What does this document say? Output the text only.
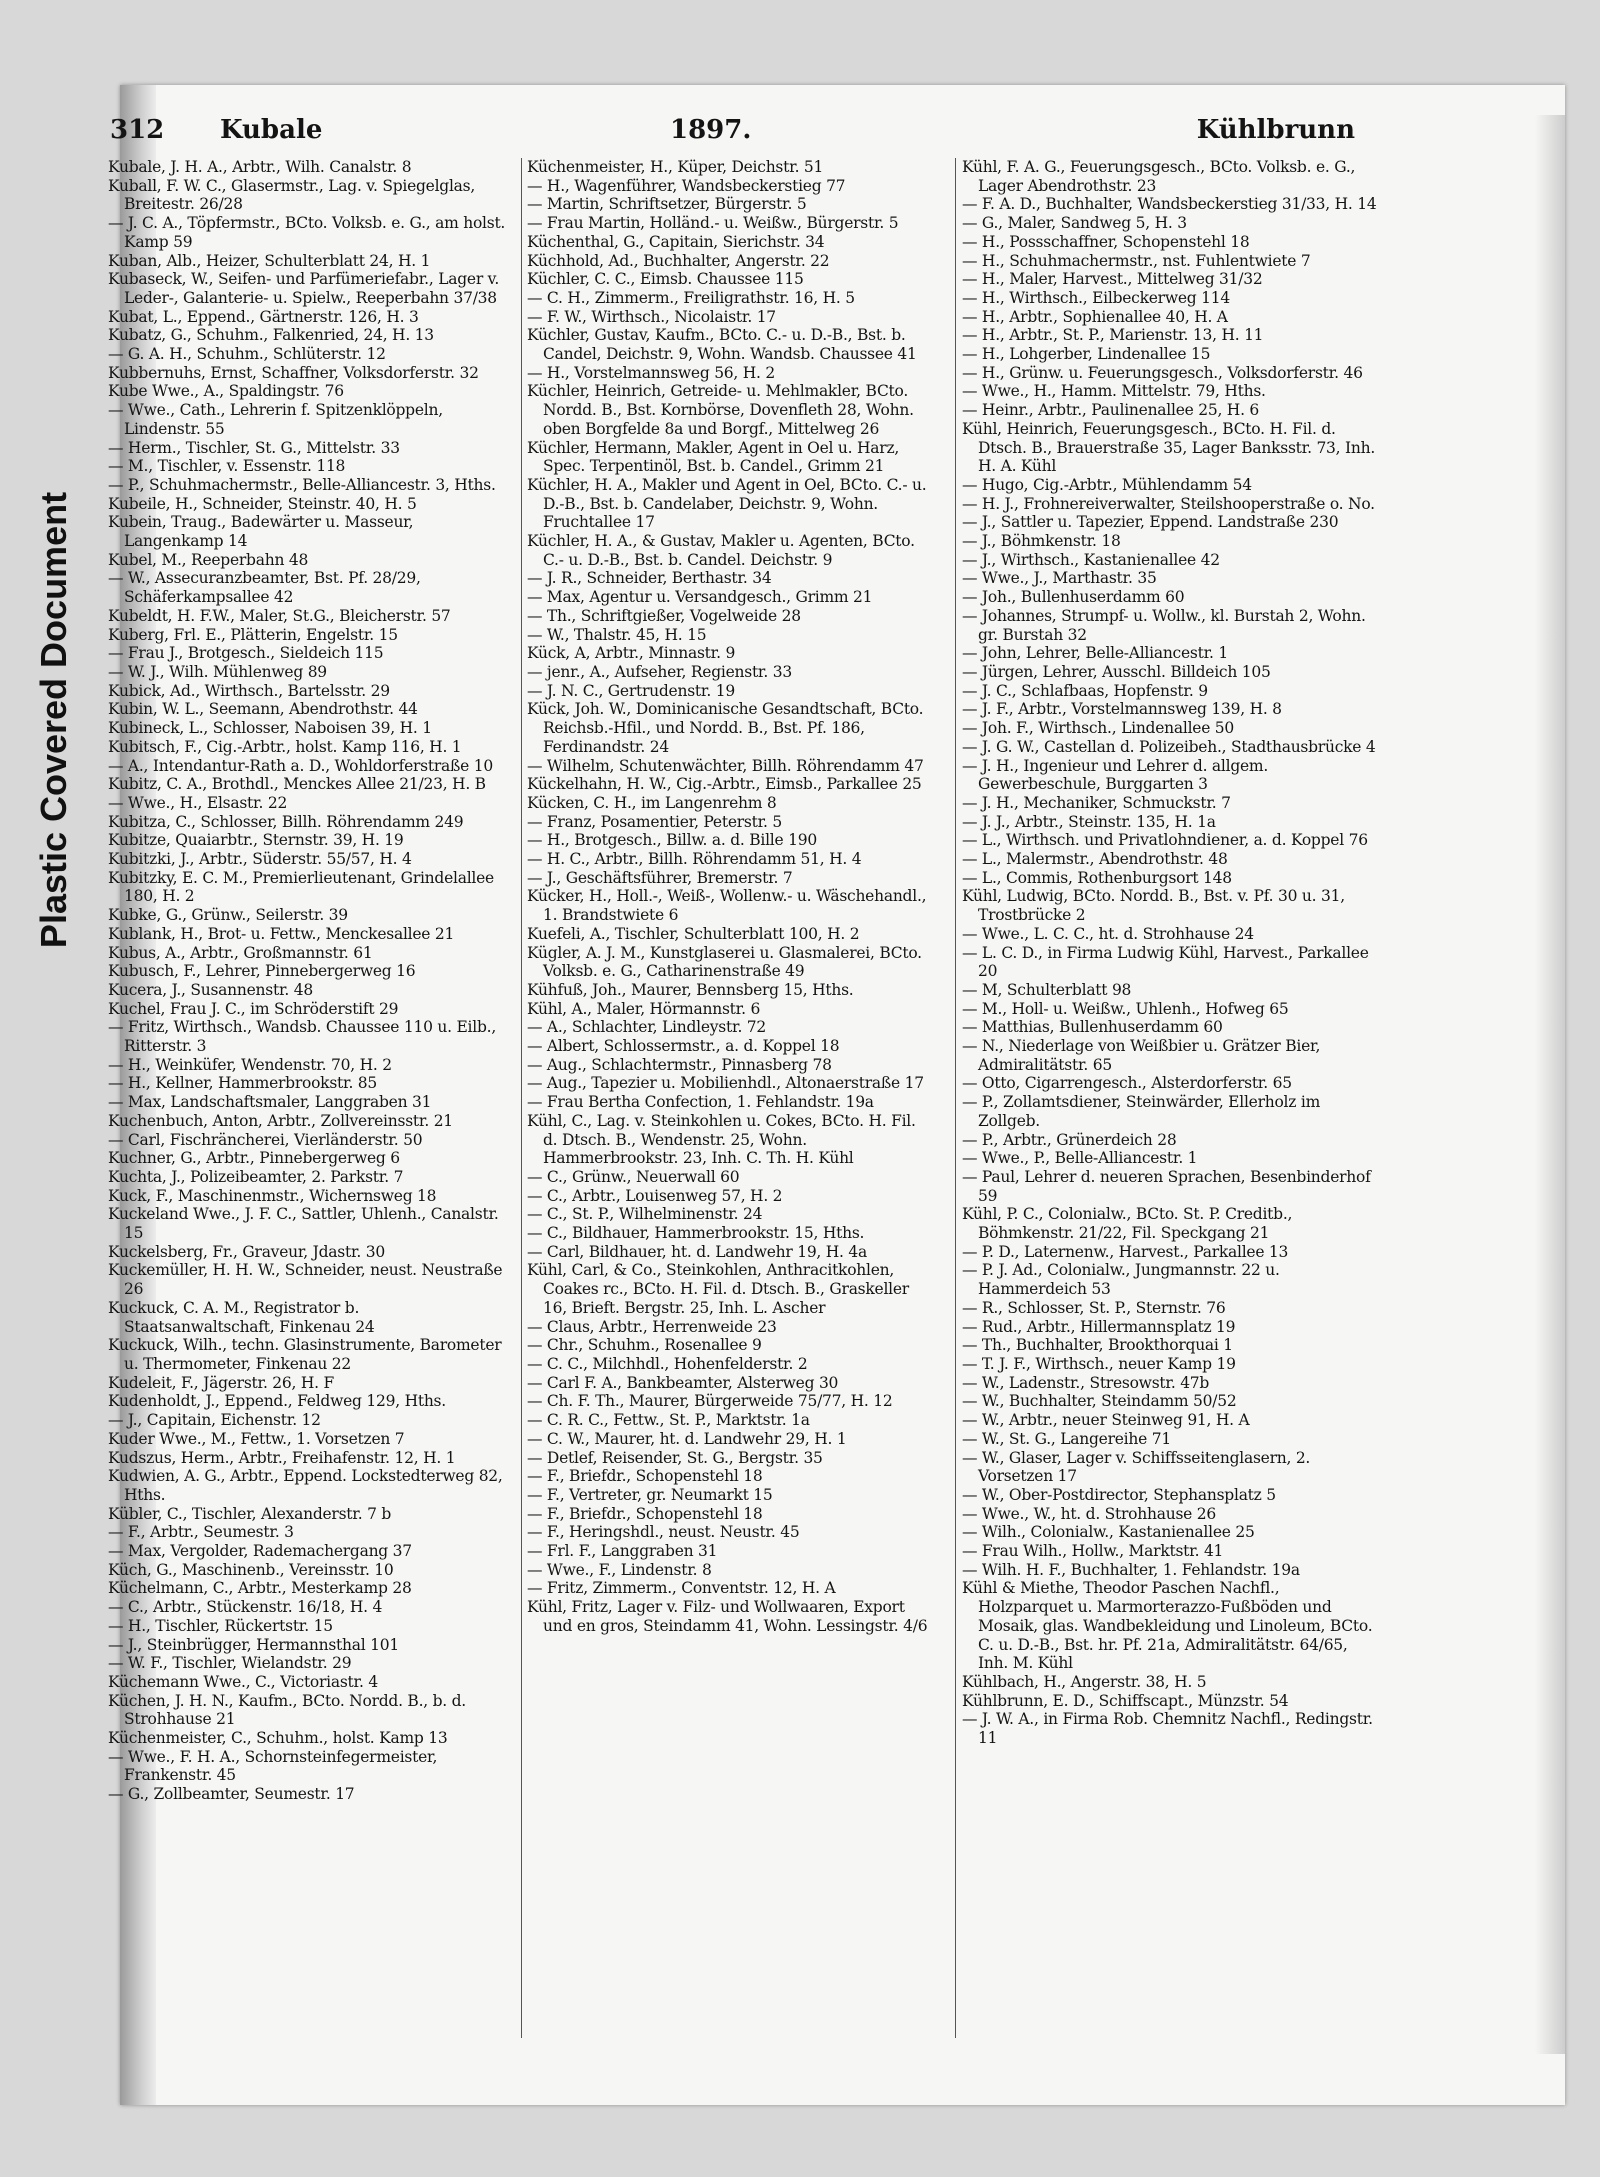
Plastic Covered Document
312 Kubale	1897.	Kühlbrunn

Kubale, J. H. A., Arbtr., Wilh. Canalstr. 8

Kuball, F. W. C., Glasermstr., Lag. v. Spiegelglas, Breitestr. 26/28

— J. C. A., Töpfermstr., BCto. Volksb. e. G., am holst. Kamp 59

Kuban, Alb., Heizer, Schulterblatt 24, H. 1

Kubaseck, W., Seifen- und Parfümeriefabr., Lager v. Leder-, Galanterie- u. Spielw., Reeperbahn 37/38

Kubat, L., Eppend., Gärtnerstr. 126, H. 3

Kubatz, G., Schuhm., Falkenried, 24, H. 13

— G. A. H., Schuhm., Schlüterstr. 12

Kubbernuhs, Ernst, Schaffner, Volksdorferstr. 32

Kube Wwe., A., Spaldingstr. 76

— Wwe., Cath., Lehrerin f. Spitzenklöppeln, Lindenstr. 55

— Herm., Tischler, St. G., Mittelstr. 33

— M., Tischler, v. Essenstr. 118

— P., Schuhmachermstr., Belle-Alliancestr. 3, Hths.

Kubeile, H., Schneider, Steinstr. 40, H. 5

Kubein, Traug., Badewärter u. Masseur, Langenkamp 14

Kubel, M., Reeperbahn 48

— W., Assecuranzbeamter, Bst. Pf. 28/29, Schäferkampsallee 42

Kubeldt, H. F.W., Maler, St.G., Bleicherstr. 57

Kuberg, Frl. E., Plätterin, Engelstr. 15

— Frau J., Brotgesch., Sieldeich 115

— W. J., Wilh. Mühlenweg 89

Kubick, Ad., Wirthsch., Bartelsstr. 29

Kubin, W. L., Seemann, Abendrothstr. 44

Kubineck, L., Schlosser, Naboisen 39, H. 1

Kubitsch, F., Cig.-Arbtr., holst. Kamp 116, H. 1

— A., Intendantur-Rath a. D., Wohldorferstraße 10

Kubitz, C. A., Brothdl., Menckes Allee 21/23, H. B

— Wwe., H., Elsastr. 22

Kubitza, C., Schlosser, Billh. Röhrendamm 249

Kubitze, Quaiarbtr., Sternstr. 39, H. 19

Kubitzki, J., Arbtr., Süderstr. 55/57, H. 4

Kubitzky, E. C. M., Premierlieutenant, Grindelallee 180, H. 2

Kubke, G., Grünw., Seilerstr. 39

Kublank, H., Brot- u. Fettw., Menckesallee 21

Kubus, A., Arbtr., Großmannstr. 61

Kubusch, F., Lehrer, Pinnebergerweg 16

Kucera, J., Susannenstr. 48

Kuchel, Frau J. C., im Schröderstift 29

— Fritz, Wirthsch., Wandsb. Chaussee 110 u. Eilb., Ritterstr. 3

— H., Weinküfer, Wendenstr. 70, H. 2

— H., Kellner, Hammerbrookstr. 85

— Max, Landschaftsmaler, Langgraben 31

Kuchenbuch, Anton, Arbtr., Zollvereinsstr. 21

— Carl, Fischräncherei, Vierländerstr. 50

Kuchner, G., Arbtr., Pinnebergerweg 6

Kuchta, J., Polizeibeamter, 2. Parkstr. 7

Kuck, F., Maschinenmstr., Wichernsweg 18

Kuckeland Wwe., J. F. C., Sattler, Uhlenh., Canalstr. 15

Kuckelsberg, Fr., Graveur, Jdastr. 30

Kuckemüller, H. H. W., Schneider, neust. Neustraße 26

Kuckuck, C. A. M., Registrator b. Staatsanwaltschaft, Finkenau 24

Kuckuck, Wilh., techn. Glasinstrumente, Barometer u. Thermometer, Finkenau 22

Kudeleit, F., Jägerstr. 26, H. F

Kudenholdt, J., Eppend., Feldweg 129, Hths.

— J., Capitain, Eichenstr. 12

Kuder Wwe., M., Fettw., 1. Vorsetzen 7

Kudszus, Herm., Arbtr., Freihafenstr. 12, H. 1

Kudwien, A. G., Arbtr., Eppend. Lockstedterweg 82, Hths.

Kübler, C., Tischler, Alexanderstr. 7 b

— F., Arbtr., Seumestr. 3

— Max, Vergolder, Rademachergang 37

Küch, G., Maschinenb., Vereinsstr. 10

Küchelmann, C., Arbtr., Mesterkamp 28

— C., Arbtr., Stückenstr. 16/18, H. 4

— H., Tischler, Rückertstr. 15

— J., Steinbrügger, Hermannsthal 101

— W. F., Tischler, Wielandstr. 29

Küchemann Wwe., C., Victoriastr. 4

Küchen, J. H. N., Kaufm., BCto. Nordd. B., b. d. Strohhause 21

Küchenmeister, C., Schuhm., holst. Kamp 13

— Wwe., F. H. A., Schornsteinfegermeister, Frankenstr. 45

— G., Zollbeamter, Seumestr. 17

Küchenmeister, H., Küper, Deichstr. 51

— H., Wagenführer, Wandsbeckerstieg 77

— Martin, Schriftsetzer, Bürgerstr. 5

— Frau Martin, Holländ.- u. Weißw., Bürgerstr. 5

Küchenthal, G., Capitain, Sierichstr. 34

Küchhold, Ad., Buchhalter, Angerstr. 22

Küchler, C. C., Eimsb. Chaussee 115

— C. H., Zimmerm., Freiligrathstr. 16, H. 5

— F. W., Wirthsch., Nicolaistr. 17

Küchler, Gustav, Kaufm., BCto. C.- u. D.-B., Bst. b. Candel, Deichstr. 9, Wohn. Wandsb. Chaussee 41

— H., Vorstelmannsweg 56, H. 2

Küchler, Heinrich, Getreide- u. Mehlmakler, BCto. Nordd. B., Bst. Kornbörse, Dovenfleth 28, Wohn. oben Borgfelde 8a und Borgf., Mittelweg 26

Küchler, Hermann, Makler, Agent in Oel u. Harz, Spec. Terpentinöl, Bst. b. Candel., Grimm 21

Küchler, H. A., Makler und Agent in Oel, BCto. C.- u. D.-B., Bst. b. Candelaber, Deichstr. 9, Wohn. Fruchtallee 17

Küchler, H. A., & Gustav, Makler u. Agenten, BCto. C.- u. D.-B., Bst. b. Candel. Deichstr. 9

— J. R., Schneider, Berthastr. 34

— Max, Agentur u. Versandgesch., Grimm 21

— Th., Schriftgießer, Vogelweide 28

— W., Thalstr. 45, H. 15

Kück, A, Arbtr., Minnastr. 9

— jenr., A., Aufseher, Regienstr. 33

— J. N. C., Gertrudenstr. 19

Kück, Joh. W., Dominicanische Gesandtschaft, BCto. Reichsb.-Hfil., und Nordd. B., Bst. Pf. 186, Ferdinandstr. 24

— Wilhelm, Schutenwächter, Billh. Röhrendamm 47

Kückelhahn, H. W., Cig.-Arbtr., Eimsb., Parkallee 25

Kücken, C. H., im Langenrehm 8

— Franz, Posamentier, Peterstr. 5

— H., Brotgesch., Billw. a. d. Bille 190

— H. C., Arbtr., Billh. Röhrendamm 51, H. 4

— J., Geschäftsführer, Bremerstr. 7

Kücker, H., Holl.-, Weiß-, Wollenw.- u. Wäschehandl., 1. Brandstwiete 6

Kuefeli, A., Tischler, Schulterblatt 100, H. 2

Kügler, A. J. M., Kunstglaserei u. Glasmalerei, BCto. Volksb. e. G., Catharinenstraße 49

Kühfuß, Joh., Maurer, Bennsberg 15, Hths.

Kühl, A., Maler, Hörmannstr. 6

— A., Schlachter, Lindleystr. 72

— Albert, Schlossermstr., a. d. Koppel 18

— Aug., Schlachtermstr., Pinnasberg 78

— Aug., Tapezier u. Mobilienhdl., Altonaerstraße 17

— Frau Bertha Confection, 1. Fehlandstr. 19a

Kühl, C., Lag. v. Steinkohlen u. Cokes, BCto. H. Fil. d. Dtsch. B., Wendenstr. 25, Wohn. Hammerbrookstr. 23, Inh. C. Th. H. Kühl

— C., Grünw., Neuerwall 60

— C., Arbtr., Louisenweg 57, H. 2

— C., St. P., Wilhelminenstr. 24

— C., Bildhauer, Hammerbrookstr. 15, Hths.

— Carl, Bildhauer, ht. d. Landwehr 19, H. 4a

Kühl, Carl, & Co., Steinkohlen, Anthracitkohlen, Coakes rc., BCto. H. Fil. d. Dtsch. B., Graskeller 16, Brieft. Bergstr. 25, Inh. L. Ascher

— Claus, Arbtr., Herrenweide 23

— Chr., Schuhm., Rosenallee 9

— C. C., Milchhdl., Hohenfelderstr. 2

— Carl F. A., Bankbeamter, Alsterweg 30

— Ch. F. Th., Maurer, Bürgerweide 75/77, H. 12

— C. R. C., Fettw., St. P., Marktstr. 1a

— C. W., Maurer, ht. d. Landwehr 29, H. 1

— Detlef, Reisender, St. G., Bergstr. 35

— F., Briefdr., Schopenstehl 18

— F., Vertreter, gr. Neumarkt 15

— F., Briefdr., Schopenstehl 18

— F., Heringshdl., neust. Neustr. 45

— Frl. F., Langgraben 31

— Wwe., F., Lindenstr. 8

— Fritz, Zimmerm., Conventstr. 12, H. A

Kühl, Fritz, Lager v. Filz- und Wollwaaren, Export und en gros, Steindamm 41, Wohn. Lessingstr. 4/6

Kühl, F. A. G., Feuerungsgesch., BCto. Volksb. e. G., Lager Abendrothstr. 23

— F. A. D., Buchhalter, Wandsbeckerstieg 31/33, H. 14

— G., Maler, Sandweg 5, H. 3

— H., Possschaffner, Schopenstehl 18

— H., Schuhmachermstr., nst. Fuhlentwiete 7

— H., Maler, Harvest., Mittelweg 31/32

— H., Wirthsch., Eilbeckerweg 114

— H., Arbtr., Sophienallee 40, H. A

— H., Arbtr., St. P., Marienstr. 13, H. 11

— H., Lohgerber, Lindenallee 15

— H., Grünw. u. Feuerungsgesch., Volksdorferstr. 46

— Wwe., H., Hamm. Mittelstr. 79, Hths.

— Heinr., Arbtr., Paulinenallee 25, H. 6

Kühl, Heinrich, Feuerungsgesch., BCto. H. Fil. d. Dtsch. B., Brauerstraße 35, Lager Banksstr. 73, Inh. H. A. Kühl

— Hugo, Cig.-Arbtr., Mühlendamm 54

— H. J., Frohnereiverwalter, Steilshooperstraße o. No.

— J., Sattler u. Tapezier, Eppend. Landstraße 230

— J., Böhmkenstr. 18

— J., Wirthsch., Kastanienallee 42

— Wwe., J., Marthastr. 35

— Joh., Bullenhuserdamm 60

— Johannes, Strumpf- u. Wollw., kl. Burstah 2, Wohn. gr. Burstah 32

— John, Lehrer, Belle-Alliancestr. 1

— Jürgen, Lehrer, Ausschl. Billdeich 105

— J. C., Schlafbaas, Hopfenstr. 9

— J. F., Arbtr., Vorstelmannsweg 139, H. 8

— Joh. F., Wirthsch., Lindenallee 50

— J. G. W., Castellan d. Polizeibeh., Stadthausbrücke 4

— J. H., Ingenieur und Lehrer d. allgem. Gewerbeschule, Burggarten 3

— J. H., Mechaniker, Schmuckstr. 7

— J. J., Arbtr., Steinstr. 135, H. 1a

— L., Wirthsch. und Privatlohndiener, a. d. Koppel 76

— L., Malermstr., Abendrothstr. 48

— L., Commis, Rothenburgsort 148

Kühl, Ludwig, BCto. Nordd. B., Bst. v. Pf. 30 u. 31, Trostbrücke 2

— Wwe., L. C. C., ht. d. Strohhause 24

— L. C. D., in Firma Ludwig Kühl, Harvest., Parkallee 20

— M, Schulterblatt 98

— M., Holl- u. Weißw., Uhlenh., Hofweg 65

— Matthias, Bullenhuserdamm 60

— N., Niederlage von Weißbier u. Grätzer Bier, Admiralitätstr. 65

— Otto, Cigarrengesch., Alsterdorferstr. 65

— P., Zollamtsdiener, Steinwärder, Ellerholz im Zollgeb.

— P., Arbtr., Grünerdeich 28

— Wwe., P., Belle-Alliancestr. 1

— Paul, Lehrer d. neueren Sprachen, Besenbinderhof 59

Kühl, P. C., Colonialw., BCto. St. P. Creditb., Böhmkenstr. 21/22, Fil. Speckgang 21

— P. D., Laternenw., Harvest., Parkallee 13

— P. J. Ad., Colonialw., Jungmannstr. 22 u. Hammerdeich 53

— R., Schlosser, St. P., Sternstr. 76

— Rud., Arbtr., Hillermannsplatz 19

— Th., Buchhalter, Brookthorquai 1

— T. J. F., Wirthsch., neuer Kamp 19

— W., Ladenstr., Stresowstr. 47b

— W., Buchhalter, Steindamm 50/52

— W., Arbtr., neuer Steinweg 91, H. A

— W., St. G., Langereihe 71

— W., Glaser, Lager v. Schiffsseitenglasern, 2. Vorsetzen 17

— W., Ober-Postdirector, Stephansplatz 5

— Wwe., W., ht. d. Strohhause 26

— Wilh., Colonialw., Kastanienallee 25

— Frau Wilh., Hollw., Marktstr. 41

— Wilh. H. F., Buchhalter, 1. Fehlandstr. 19a

Kühl & Miethe, Theodor Paschen Nachfl., Holzparquet u. Marmorterazzo-Fußböden und Mosaik, glas. Wandbekleidung und Linoleum, BCto. C. u. D.-B., Bst. hr. Pf. 21a, Admiralitätstr. 64/65, Inh. M. Kühl

Kühlbach, H., Angerstr. 38, H. 5

Kühlbrunn, E. D., Schiffscapt., Münzstr. 54

— J. W. A., in Firma Rob. Chemnitz Nachfl., Redingstr. 11
